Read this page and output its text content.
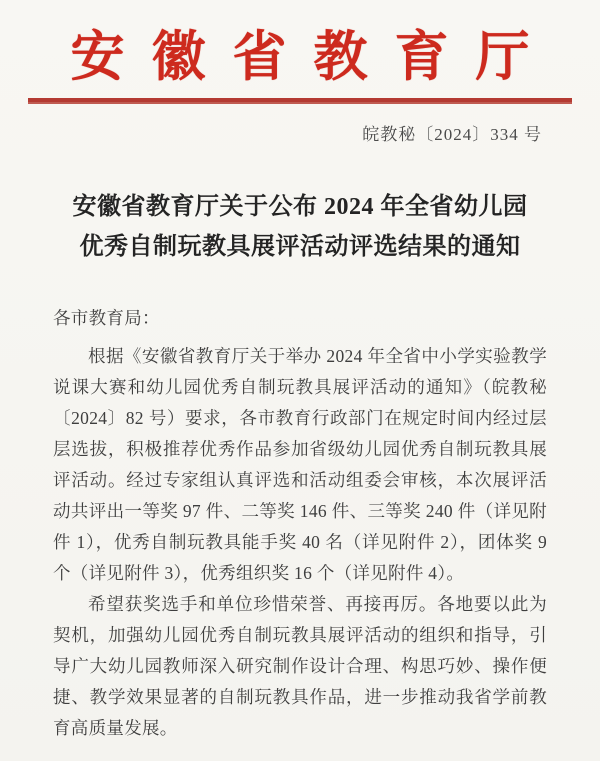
安徽省教育厅
皖教秘〔2024〕334 号
安徽省教育厅关于公布 2024 年全省幼儿园
优秀自制玩教具展评活动评选结果的通知

各市教育局：

根据《安徽省教育厅关于举办 2024 年全省中小学实验教学说课大赛和幼儿园优秀自制玩教具展评活动的通知》（皖教秘〔2024〕82 号）要求，各市教育行政部门在规定时间内经过层层选拔，积极推荐优秀作品参加省级幼儿园优秀自制玩教具展评活动。经过专家组认真评选和活动组委会审核，本次展评活动共评出一等奖 97 件、二等奖 146 件、三等奖 240 件（详见附件 1），优秀自制玩教具能手奖 40 名（详见附件 2），团体奖 9 个（详见附件 3），优秀组织奖 16 个（详见附件 4）。

希望获奖选手和单位珍惜荣誉、再接再厉。各地要以此为契机，加强幼儿园优秀自制玩教具展评活动的组织和指导，引导广大幼儿园教师深入研究制作设计合理、构思巧妙、操作便捷、教学效果显著的自制玩教具作品，进一步推动我省学前教育高质量发展。
